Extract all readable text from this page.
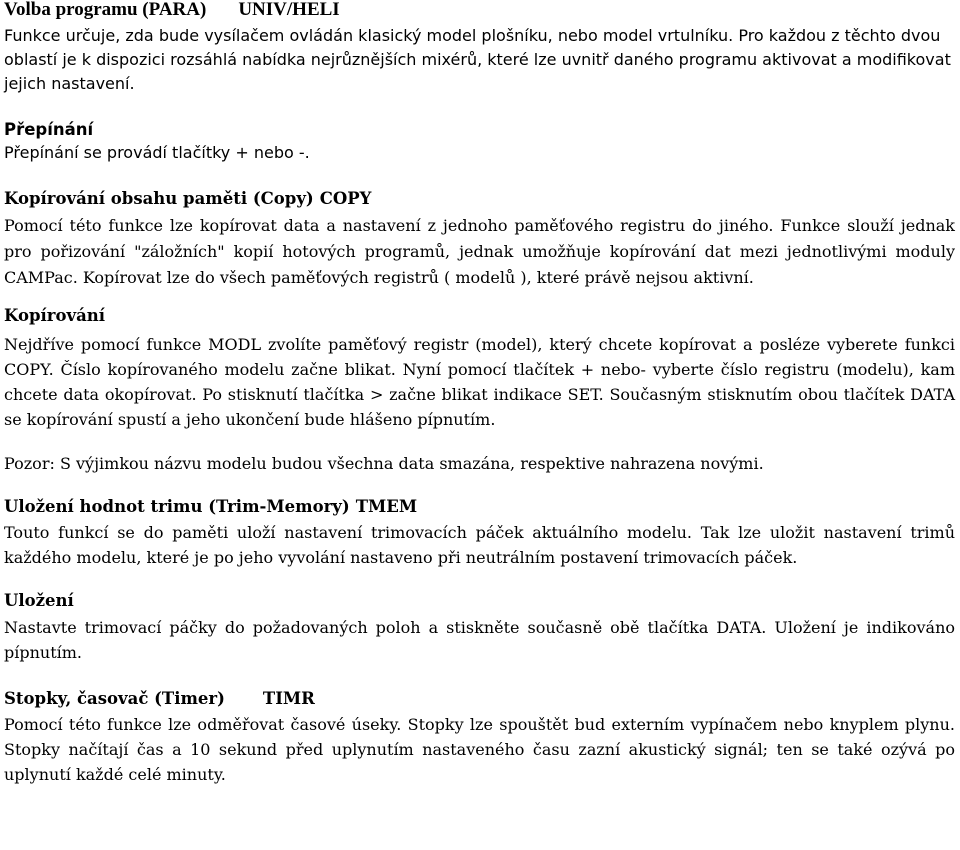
Volba programu (PARA) UNIV/HELI

Funkce určuje, zda bude vysílačem ovládán klasický model plošníku, nebo model vrtulníku. Pro každou z těchto dvou oblastí je k dispozici rozsáhlá nabídka nejrůznějších mixérů, které lze uvnitř daného programu aktivovat a modifikovat jejich nastavení.

Přepínání

Přepínání se provádí tlačítky + nebo -.

Kopírování obsahu paměti (Copy) COPY

Pomocí této funkce lze kopírovat data a nastavení z jednoho paměťového registru do jiného. Funkce slouží jednak pro pořizování "záložních" kopií hotových programů, jednak umožňuje kopírování dat mezi jednotlivými moduly CAMPac. Kopírovat lze do všech paměťových registrů ( modelů ), které právě nejsou aktivní.

Kopírování

Nejdříve pomocí funkce MODL zvolíte paměťový registr (model), který chcete kopírovat a posléze vyberete funkci COPY. Číslo kopírovaného modelu začne blikat. Nyní pomocí tlačítek + nebo- vyberte číslo registru (modelu), kam chcete data okopírovat. Po stisknutí tlačítka > začne blikat indikace SET. Současným stisknutím obou tlačítek DATA se kopírování spustí a jeho ukončení bude hlášeno pípnutím.

Pozor: S výjimkou názvu modelu budou všechna data smazána, respektive nahrazena novými.

Uložení hodnot trimu (Trim-Memory) TMEM

Touto funkcí se do paměti uloží nastavení trimovacích páček aktuálního modelu. Tak lze uložit nastavení trimů každého modelu, které je po jeho vyvolání nastaveno při neutrálním postavení trimovacích páček.

Uložení

Nastavte trimovací páčky do požadovaných poloh a stiskněte současně obě tlačítka DATA. Uložení je indikováno pípnutím.

Stopky, časovač (Timer) TIMR

Pomocí této funkce lze odměřovat časové úseky. Stopky lze spouštět bud externím vypínačem nebo knyplem plynu. Stopky načítají čas a 10 sekund před uplynutím nastaveného času zazní akustický signál; ten se také ozývá po uplynutí každé celé minuty.
